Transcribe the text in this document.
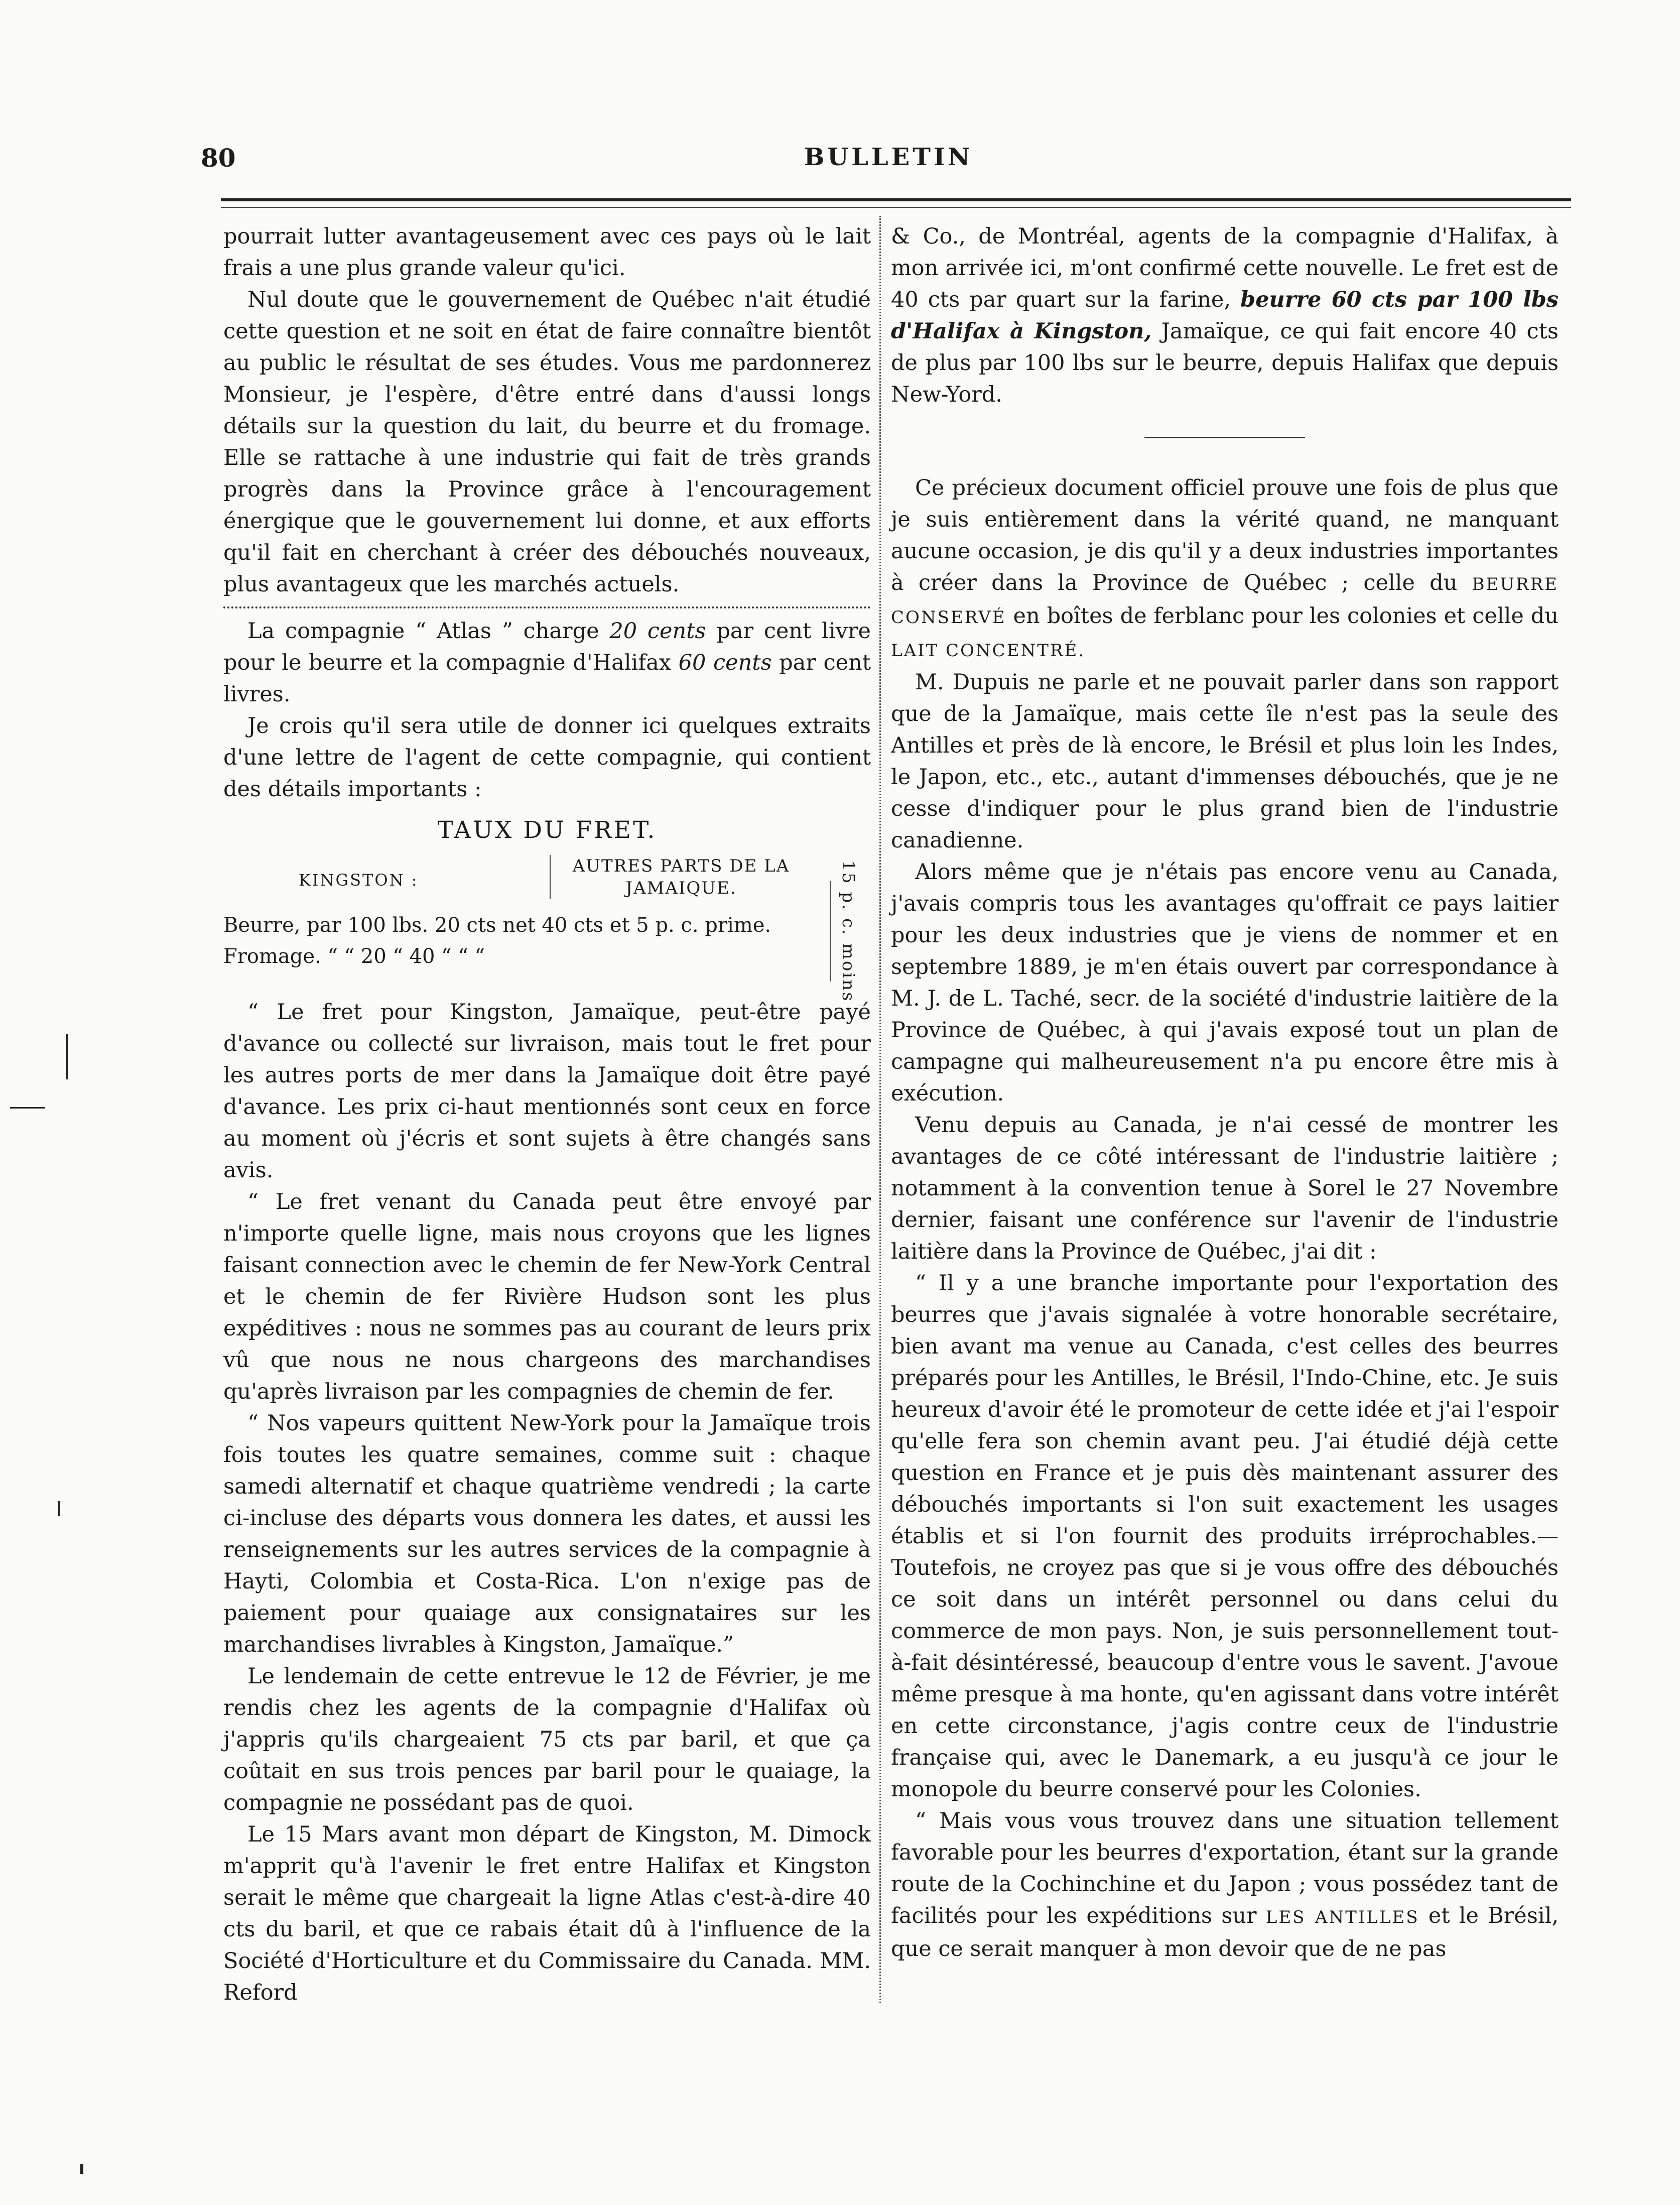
80	BULLETIN

pourrait lutter avantageusement avec ces pays où le lait frais a une plus grande valeur qu'ici.

Nul doute que le gouvernement de Québec n'ait étudié cette question et ne soit en état de faire connaître bientôt au public le résultat de ses études. Vous me pardonnerez Monsieur, je l'espère, d'être entré dans d'aussi longs détails sur la question du lait, du beurre et du fromage. Elle se rattache à une industrie qui fait de très grands progrès dans la Province grâce à l'encouragement énergique que le gouvernement lui donne, et aux efforts qu'il fait en cherchant à créer des débouchés nouveaux, plus avantageux que les marchés actuels.

La compagnie “ Atlas ” charge 20 cents par cent livre pour le beurre et la compagnie d'Halifax 60 cents par cent livres.

Je crois qu'il sera utile de donner ici quelques extraits d'une lettre de l'agent de cette compagnie, qui contient des détails importants :

TAUX DU FRET.
KINGSTON :
AUTRES PARTS DE LA JAMAIQUE.
Beurre, par 100 lbs. 20 cts net 40 cts et 5 p. c. prime.
Fromage. “ “ 20 “ 40 “ “ “	15 p. c. moins

“ Le fret pour Kingston, Jamaïque, peut-être payé d'avance ou collecté sur livraison, mais tout le fret pour les autres ports de mer dans la Jamaïque doit être payé d'avance. Les prix ci-haut mentionnés sont ceux en force au moment où j'écris et sont sujets à être changés sans avis.

“ Le fret venant du Canada peut être envoyé par n'importe quelle ligne, mais nous croyons que les lignes faisant connection avec le chemin de fer New-York Central et le chemin de fer Rivière Hudson sont les plus expéditives : nous ne sommes pas au courant de leurs prix vû que nous ne nous chargeons des marchandises qu'après livraison par les compagnies de chemin de fer.

“ Nos vapeurs quittent New-York pour la Jamaïque trois fois toutes les quatre semaines, comme suit : chaque samedi alternatif et chaque quatrième vendredi ; la carte ci-incluse des départs vous donnera les dates, et aussi les renseignements sur les autres services de la compagnie à Hayti, Colombia et Costa-Rica. L'on n'exige pas de paiement pour quaiage aux consignataires sur les marchandises livrables à Kingston, Jamaïque.”

Le lendemain de cette entrevue le 12 de Février, je me rendis chez les agents de la compagnie d'Halifax où j'appris qu'ils chargeaient 75 cts par baril, et que ça coûtait en sus trois pences par baril pour le quaiage, la compagnie ne possédant pas de quoi.

Le 15 Mars avant mon départ de Kingston, M. Dimock m'apprit qu'à l'avenir le fret entre Halifax et Kingston serait le même que chargeait la ligne Atlas c'est-à-dire 40 cts du baril, et que ce rabais était dû à l'influence de la Société d'Horticulture et du Commissaire du Canada. MM. Reford

& Co., de Montréal, agents de la compagnie d'Halifax, à mon arrivée ici, m'ont confirmé cette nouvelle. Le fret est de 40 cts par quart sur la farine, beurre 60 cts par 100 lbs d'Halifax à Kingston, Jamaïque, ce qui fait encore 40 cts de plus par 100 lbs sur le beurre, depuis Halifax que depuis New-Yord.

Ce précieux document officiel prouve une fois de plus que je suis entièrement dans la vérité quand, ne manquant aucune occasion, je dis qu'il y a deux industries importantes à créer dans la Province de Québec ; celle du BEURRE CONSERVÉ en boîtes de ferblanc pour les colonies et celle du LAIT CONCENTRÉ.

M. Dupuis ne parle et ne pouvait parler dans son rapport que de la Jamaïque, mais cette île n'est pas la seule des Antilles et près de là encore, le Brésil et plus loin les Indes, le Japon, etc., etc., autant d'immenses débouchés, que je ne cesse d'indiquer pour le plus grand bien de l'industrie canadienne.

Alors même que je n'étais pas encore venu au Canada, j'avais compris tous les avantages qu'offrait ce pays laitier pour les deux industries que je viens de nommer et en septembre 1889, je m'en étais ouvert par correspondance à M. J. de L. Taché, secr. de la société d'industrie laitière de la Province de Québec, à qui j'avais exposé tout un plan de campagne qui malheureusement n'a pu encore être mis à exécution.

Venu depuis au Canada, je n'ai cessé de montrer les avantages de ce côté intéressant de l'industrie laitière ; notamment à la convention tenue à Sorel le 27 Novembre dernier, faisant une conférence sur l'avenir de l'industrie laitière dans la Province de Québec, j'ai dit :

“ Il y a une branche importante pour l'exportation des beurres que j'avais signalée à votre honorable secrétaire, bien avant ma venue au Canada, c'est celles des beurres préparés pour les Antilles, le Brésil, l'Indo-Chine, etc. Je suis heureux d'avoir été le promoteur de cette idée et j'ai l'espoir qu'elle fera son chemin avant peu. J'ai étudié déjà cette question en France et je puis dès maintenant assurer des débouchés importants si l'on suit exactement les usages établis et si l'on fournit des produits irréprochables.—Toutefois, ne croyez pas que si je vous offre des débouchés ce soit dans un intérêt personnel ou dans celui du commerce de mon pays. Non, je suis personnellement tout-à-fait désintéressé, beaucoup d'entre vous le savent. J'avoue même presque à ma honte, qu'en agissant dans votre intérêt en cette circonstance, j'agis contre ceux de l'industrie française qui, avec le Danemark, a eu jusqu'à ce jour le monopole du beurre conservé pour les Colonies.

“ Mais vous vous trouvez dans une situation tellement favorable pour les beurres d'exportation, étant sur la grande route de la Cochinchine et du Japon ; vous possédez tant de facilités pour les expéditions sur LES ANTILLES et le Brésil, que ce serait manquer à mon devoir que de ne pas
